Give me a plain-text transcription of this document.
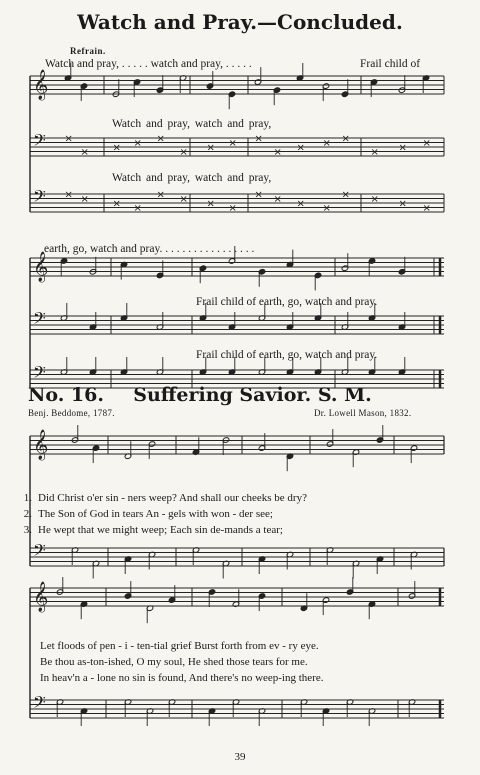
Watch and Pray.—Concluded.
Refrain.
Watch and pray, . . . . . watch and pray, . . . . .	Frail child of
Watch and pray, watch and pray,
Watch and pray, watch and pray,
earth, go, watch and pray. . . . . . . . . . . . . . . . .
Frail child of earth, go, watch and pray.
Frail child of earth, go, watch and pray.
No. 16. Suffering Savior. S. M.
Benj. Beddome, 1787.	Dr. Lowell Mason, 1832.
1. Did Christ o'er sin - ners weep? And shall our cheeks be dry?
2. The Son of God in tears An - gels with won - der see;
3. He wept that we might weep; Each sin de-mands a tear;
Let floods of pen - i - ten-tial grief Burst forth from ev - ry eye.
Be thou as-ton-ished, O my soul, He shed those tears for me.
In heav'n a - lone no sin is found, And there's no weep-ing there.
39
𝄞
𝄢
𝄢
×
×
×
×
×
×
×
×
×
×
×
×
×
×
×
×
×
×
×
×
×
×
×
×
×
×
×
×
×
×
×
×
𝄞
𝄢
𝄢
𝄞
𝄢
𝄞
𝄢
